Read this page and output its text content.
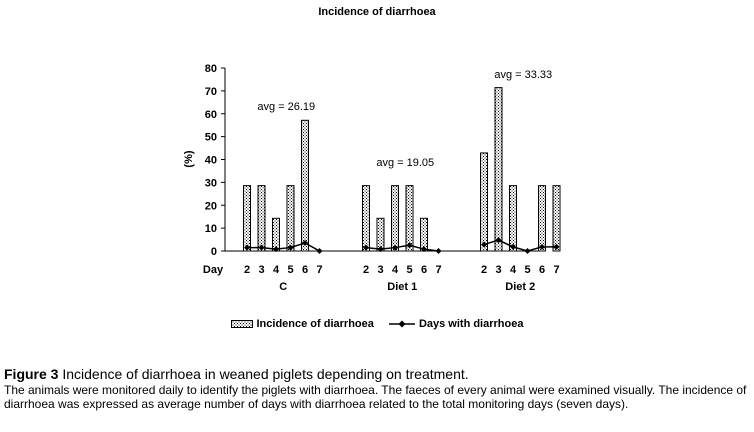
Incidence of diarrhoea
0
10
20
30
40
50
60
70
80
(%)
Day 2 3 4 5 6 7
C
avg = 26.19
2 3 4 5 6 7
Diet 1
avg = 19.05
2 3 4 5 6 7
Diet 2
avg = 33.33
Incidence of diarrhoea	Days with diarrhoea
Figure 3 Incidence of diarrhoea in weaned piglets depending on treatment.
The animals were monitored daily to identify the piglets with diarrhoea. The faeces of every animal were examined visually. The incidence of diarrhoea was expressed as average number of days with diarrhoea related to the total monitoring days (seven days).
